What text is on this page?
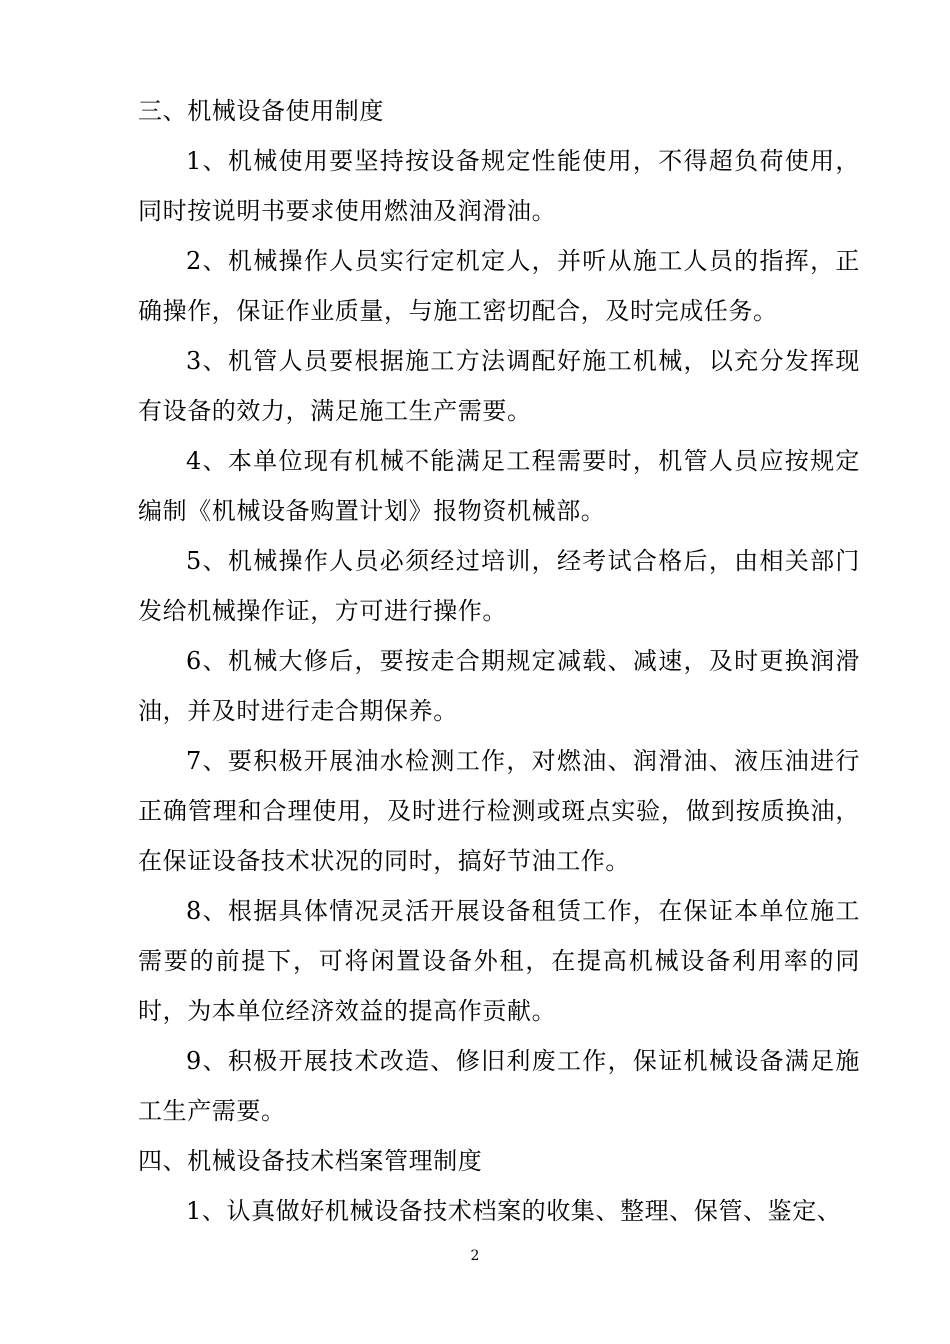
三、机械设备使用制度

1、机械使用要坚持按设备规定性能使用，不得超负荷使用，同时按说明书要求使用燃油及润滑油。

2、机械操作人员实行定机定人，并听从施工人员的指挥，正确操作，保证作业质量，与施工密切配合，及时完成任务。

3、机管人员要根据施工方法调配好施工机械，以充分发挥现有设备的效力，满足施工生产需要。

4、本单位现有机械不能满足工程需要时，机管人员应按规定编制《机械设备购置计划》报物资机械部。

5、机械操作人员必须经过培训，经考试合格后，由相关部门发给机械操作证，方可进行操作。

6、机械大修后，要按走合期规定减载、减速，及时更换润滑油，并及时进行走合期保养。

7、要积极开展油水检测工作，对燃油、润滑油、液压油进行正确管理和合理使用，及时进行检测或斑点实验，做到按质换油，在保证设备技术状况的同时，搞好节油工作。

8、根据具体情况灵活开展设备租赁工作，在保证本单位施工需要的前提下，可将闲置设备外租，在提高机械设备利用率的同时，为本单位经济效益的提高作贡献。

9、积极开展技术改造、修旧利废工作，保证机械设备满足施工生产需要。

四、机械设备技术档案管理制度

1、认真做好机械设备技术档案的收集、整理、保管、鉴定、

2
